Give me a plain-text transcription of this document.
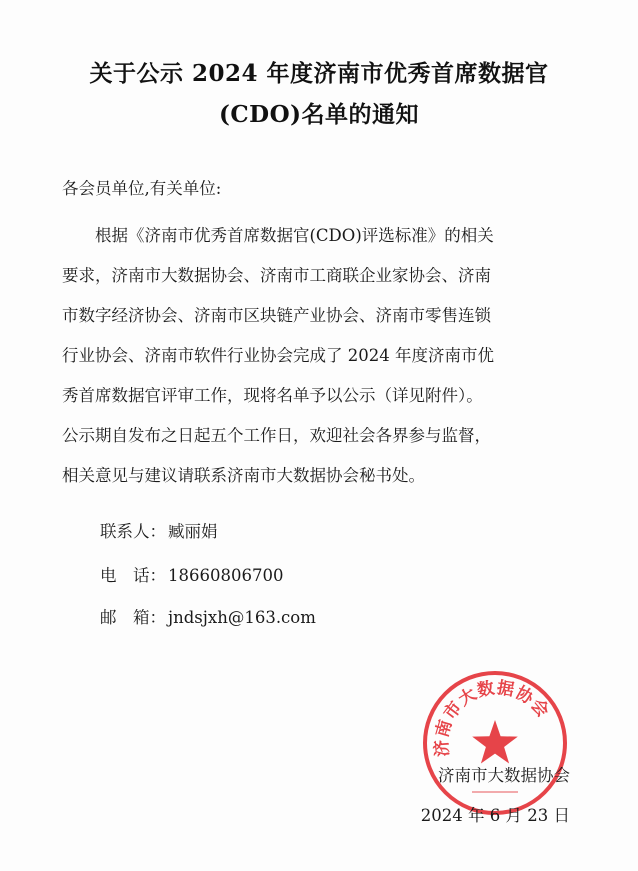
关于公示 2024 年度济南市优秀首席数据官
(CDO)名单的通知
各会员单位,有关单位:
　　根据《济南市优秀首席数据官(CDO)评选标准》的相关
要求，济南市大数据协会、济南市工商联企业家协会、济南
市数字经济协会、济南市区块链产业协会、济南市零售连锁
行业协会、济南市软件行业协会完成了 2024 年度济南市优
秀首席数据官评审工作，现将名单予以公示（详见附件）。
公示期自发布之日起五个工作日，欢迎社会各界参与监督，
相关意见与建议请联系济南市大数据协会秘书处。
联系人： 臧丽娟
电　话： 18660806700
邮　箱： jndsjxh@163.com
济南市大数据协会
济南市大数据协会
2024 年 6 月 23 日
